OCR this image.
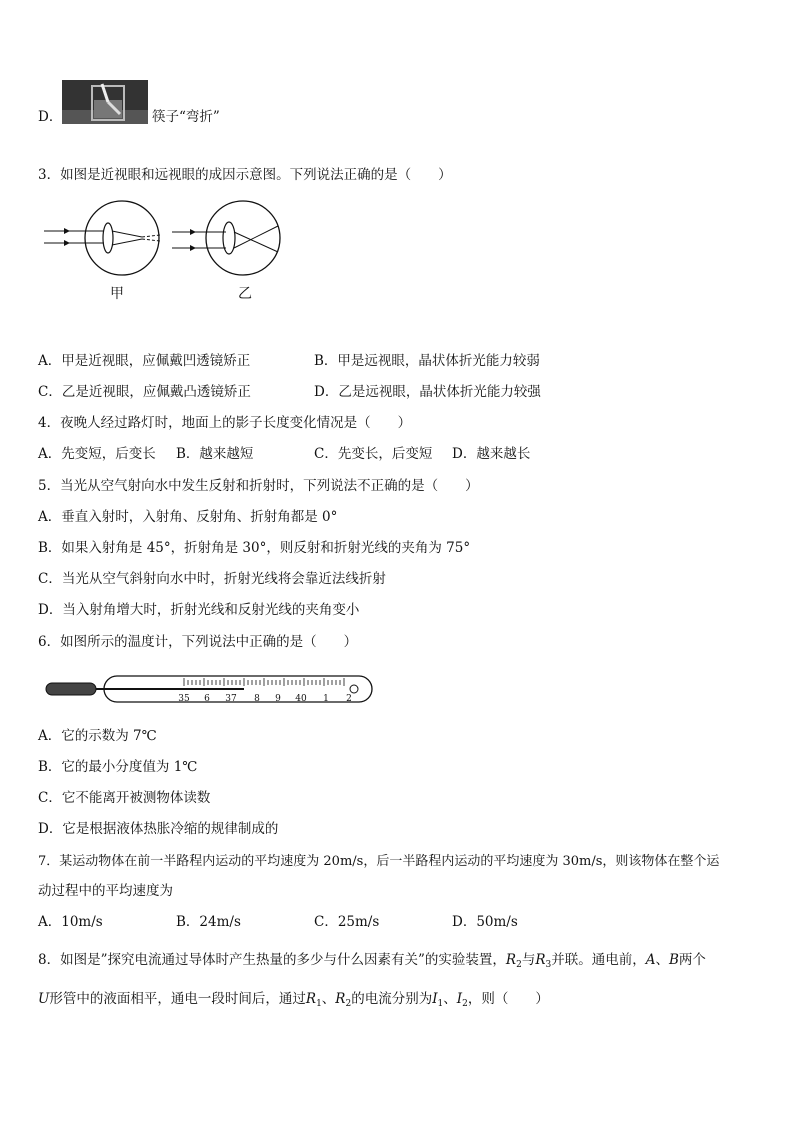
D．	筷子“弯折”
3．如图是近视眼和远视眼的成因示意图。下列说法正确的是（　　）
甲	乙
A．甲是近视眼，应佩戴凹透镜矫正	B．甲是远视眼，晶状体折光能力较弱
C．乙是近视眼，应佩戴凸透镜矫正	D．乙是远视眼，晶状体折光能力较强
4．夜晚人经过路灯时，地面上的影子长度变化情况是（　　）
A．先变短，后变长 B．越来越短	C．先变长，后变短 D．越来越长
5．当光从空气射向水中发生反射和折射时，下列说法不正确的是（　　）
A．垂直入射时，入射角、反射角、折射角都是 0°
B．如果入射角是 45°，折射角是 30°，则反射和折射光线的夹角为 75°
C．当光从空气斜射向水中时，折射光线将会靠近法线折射
D．当入射角增大时，折射光线和反射光线的夹角变小
6．如图所示的温度计，下列说法中正确的是（　　）
35 6 37 8 9 40 1 2
A．它的示数为 7℃
B．它的最小分度值为 1℃
C．它不能离开被测物体读数
D．它是根据液体热胀冷缩的规律制成的
7．某运动物体在前一半路程内运动的平均速度为 20m/s，后一半路程内运动的平均速度为 30m/s，则该物体在整个运
动过程中的平均速度为
A．10m/s	B．24m/s	C．25m/s	D．50m/s
8．如图是”探究电流通过导体时产生热量的多少与什么因素有关”的实验装置，$R_2$与$R_3$并联。通电前，A、B两个
U形管中的液面相平，通电一段时间后，通过$R_1$、$R_2$的电流分别为$I_1$、$I_2$，则（　　）
